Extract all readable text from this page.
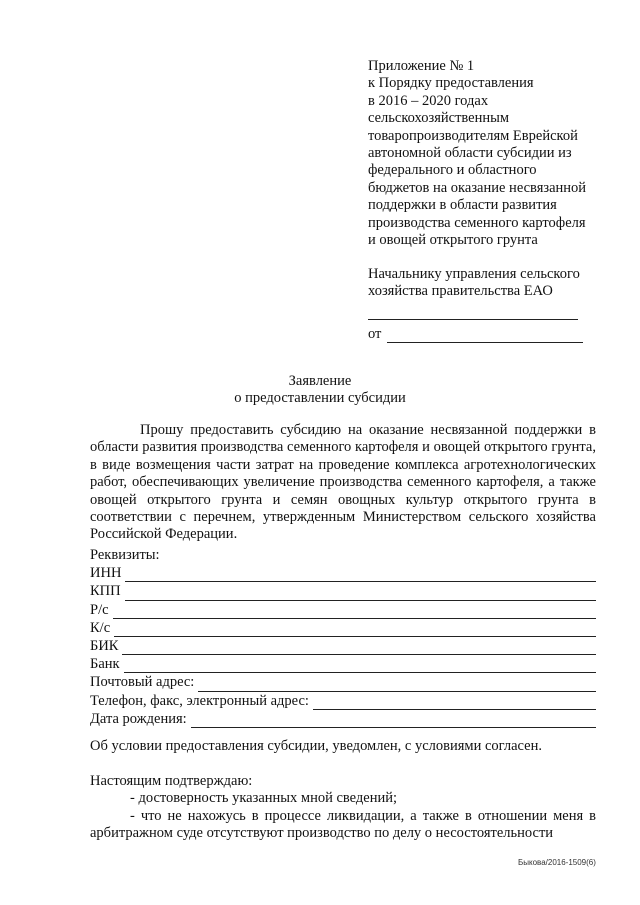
Приложение № 1
к Порядку предоставления
в 2016 – 2020 годах
сельскохозяйственным
товаропроизводителям Еврейской
автономной области субсидии из
федерального и областного
бюджетов на оказание несвязанной
поддержки в области развития
производства семенного картофеля
и овощей открытого грунта
Начальнику управления сельского
хозяйства правительства ЕАО
от
Заявление
о предоставлении субсидии
Прошу предоставить субсидию на оказание несвязанной поддержки в области развития производства семенного картофеля и овощей открытого грунта, в виде возмещения части затрат на проведение комплекса агротехнологических работ, обеспечивающих увеличение производства семенного картофеля, а также овощей открытого грунта и семян овощных культур открытого грунта в соответствии с перечнем, утвержденным Министерством сельского хозяйства Российской Федерации.
Реквизиты:
ИНН
КПП
Р/с
К/с
БИК
Банк
Почтовый адрес:
Телефон, факс, электронный адрес:
Дата рождения:
Об условии предоставления субсидии, уведомлен, с условиями согласен.
Настоящим подтверждаю:
- достоверность указанных мной сведений;
- что не нахожусь в процессе ликвидации, а также в отношении меня в арбитражном суде отсутствуют производство по делу о несостоятельности
Быкова/2016-1509(6)
